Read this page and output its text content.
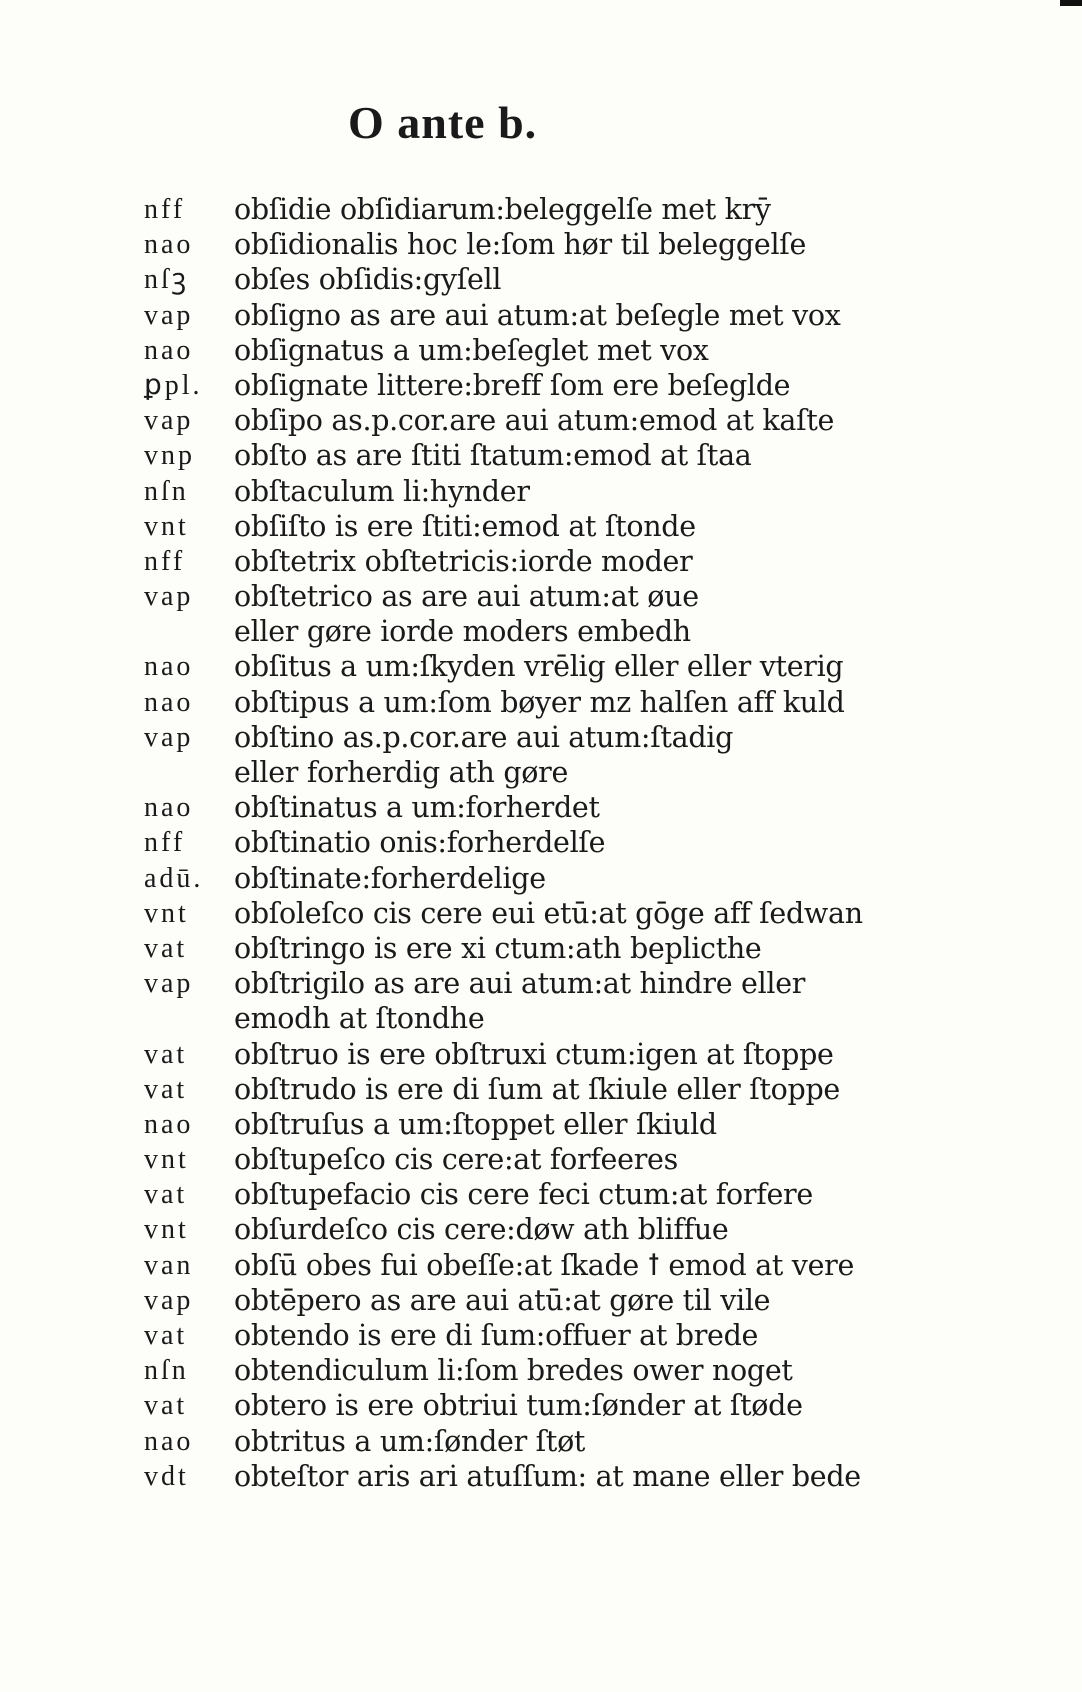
O ante b.
nff	obſidie obſidiarum:beleggelſe met krȳ
nao	obſidionalis hoc le:ſom hør til beleggelſe
nſꝫ	obſes obſidis:gyſell
vap	obſigno as are aui atum:at beſegle met vox
nao	obſignatus a um:beſeglet met vox
ꝑpl.	obſignate littere:breff ſom ere beſeglde
vap	obſipo as.p.cor.are aui atum:emod at kaſte
vnp	obſto as are ſtiti ſtatum:emod at ſtaa
nſn	obſtaculum li:hynder
vnt	obſiſto is ere ſtiti:emod at ſtonde
nff	obſtetrix obſtetricis:iorde moder
vap	obſtetrico as are aui atum:at øue
eller gøre iorde moders embedh
nao	obſitus a um:ſkyden vrēlig eller eller vterig
nao	obſtipus a um:ſom bøyer mz halſen aff kuld
vap	obſtino as.p.cor.are aui atum:ſtadig
eller forherdig ath gøre
nao	obſtinatus a um:forherdet
nff	obſtinatio onis:forherdelſe
adū.	obſtinate:forherdelige
vnt	obſoleſco cis cere eui etū:at gōge aff ſedwan
vat	obſtringo is ere xi ctum:ath beplicthe
vap	obſtrigilo as are aui atum:at hindre eller
emodh at ſtondhe
vat	obſtruo is ere obſtruxi ctum:igen at ſtoppe
vat	obſtrudo is ere di ſum at ſkiule eller ſtoppe
nao	obſtruſus a um:ſtoppet eller ſkiuld
vnt	obſtupeſco cis cere:at forfeeres
vat	obſtupefacio cis cere feci ctum:at forfere
vnt	obſurdeſco cis cere:døw ath bliffue
van	obſū obes fui obeſſe:at ſkade ꝉ emod at vere
vap	obtēpero as are aui atū:at gøre til vile
vat	obtendo is ere di ſum:offuer at brede
nſn	obtendiculum li:ſom bredes ower noget
vat	obtero is ere obtriui tum:ſønder at ſtøde
nao	obtritus a um:ſønder ſtøt
vdt	obteſtor aris ari atuſſum: at mane eller bede
